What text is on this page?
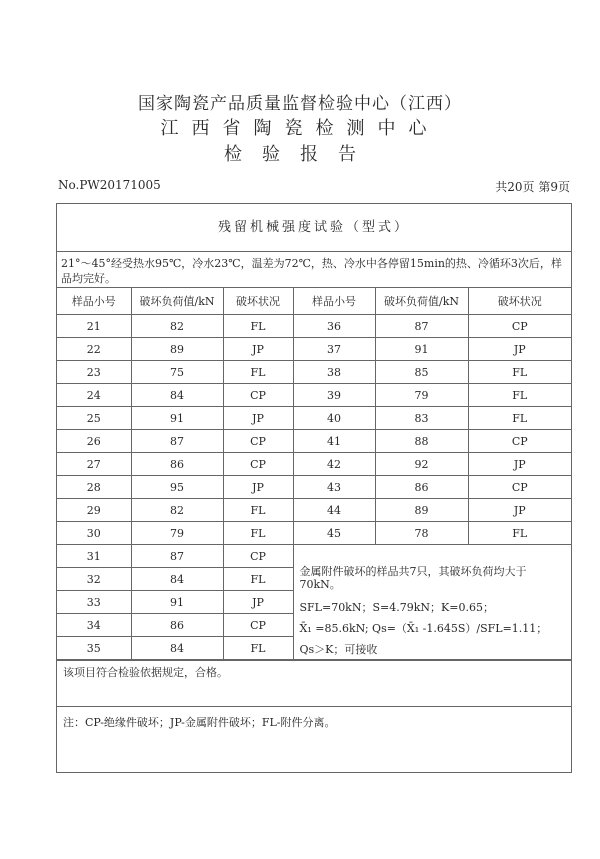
国家陶瓷产品质量监督检验中心（江西）
江西省陶瓷检测中心
检验报告
No.PW20171005	共20页 第9页
残留机械强度试验（型式）
21°～45°经受热水95℃，冷水23℃，温差为72℃，热、冷水中各停留15min的热、冷循环3次后，样品均完好。
样品小号	破坏负荷值/kN	破坏状况	样品小号	破坏负荷值/kN	破坏状况
21	82	FL	36	87	CP
22	89	JP	37	91	JP
23	75	FL	38	85	FL
24	84	CP	39	79	FL
25	91	JP	40	83	FL
26	87	CP	41	88	CP
27	86	CP	42	92	JP
28	95	JP	43	86	CP
29	82	FL	44	89	JP
30	79	FL	45	78	FL
31	87	CP	金属附件破坏的样品共7只，其破坏负荷均大于70kN。
SFL=70kN；S=4.79kN；K=0.65；
X̄₁ =85.6kN; Qs=（X̄₁ -1.645S）/SFL=1.11；
Qs＞K；可接收		

32	84	FL			
33	91	JP			
34	86	CP			
35	84	FL			
该项目符合检验依据规定，合格。
注：CP-绝缘件破坏；JP-金属附件破坏；FL-附件分离。
